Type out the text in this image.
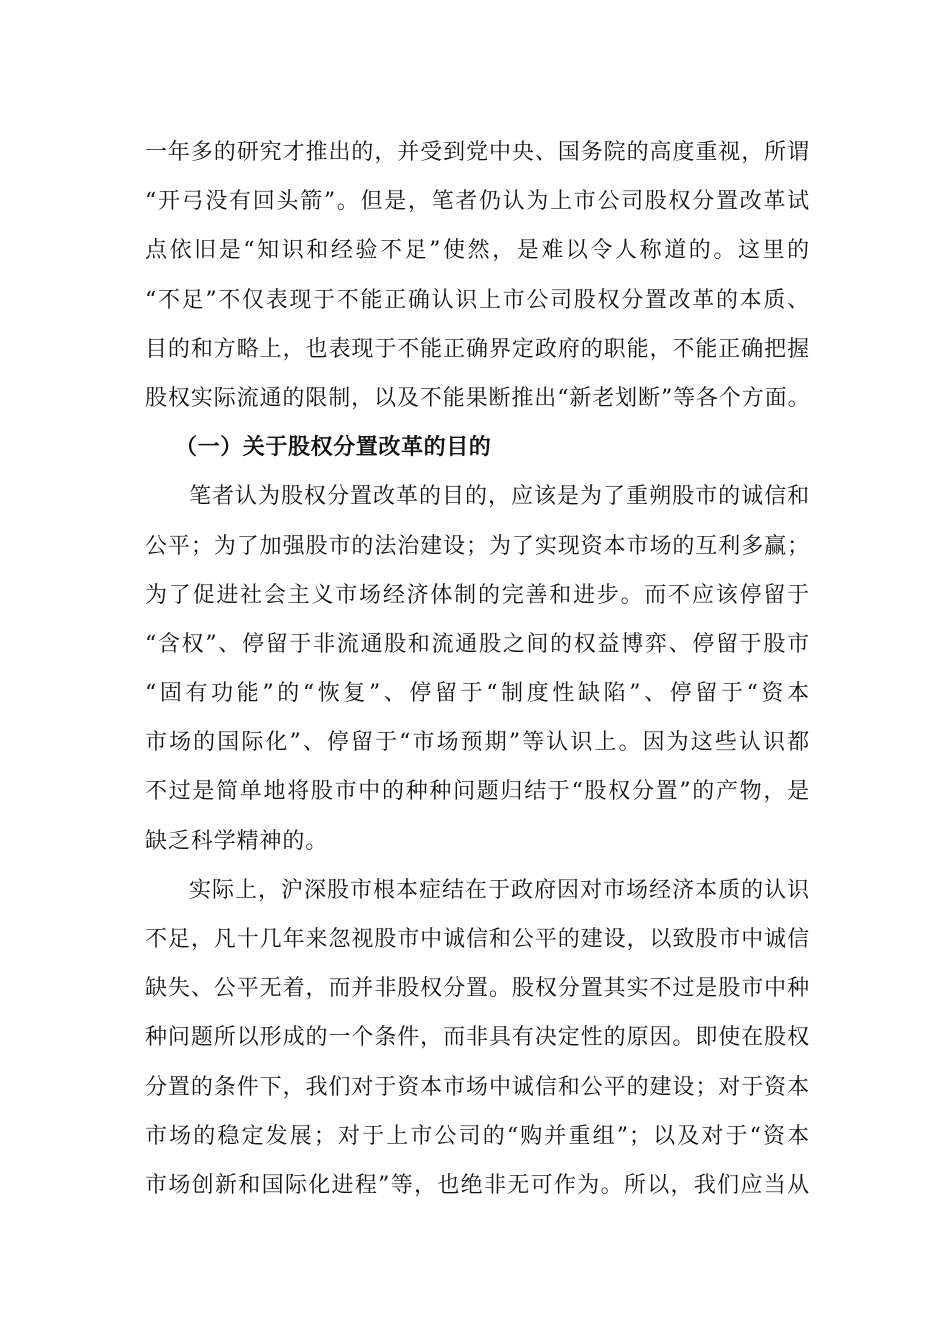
一年多的研究才推出的，并受到党中央、国务院的高度重视，所谓
“开弓没有回头箭”。但是，笔者仍认为上市公司股权分置改革试
点依旧是“知识和经验不足”使然，是难以令人称道的。这里的
“不足”不仅表现于不能正确认识上市公司股权分置改革的本质、
目的和方略上，也表现于不能正确界定政府的职能，不能正确把握
股权实际流通的限制，以及不能果断推出“新老划断”等各个方面。
（一）关于股权分置改革的目的
笔者认为股权分置改革的目的，应该是为了重朔股市的诚信和
公平；为了加强股市的法治建设；为了实现资本市场的互利多赢；
为了促进社会主义市场经济体制的完善和进步。而不应该停留于
“含权”、停留于非流通股和流通股之间的权益博弈、停留于股市
“固有功能”的“恢复”、停留于“制度性缺陷”、停留于“资本
市场的国际化”、停留于“市场预期”等认识上。因为这些认识都
不过是简单地将股市中的种种问题归结于“股权分置”的产物，是
缺乏科学精神的。
实际上，沪深股市根本症结在于政府因对市场经济本质的认识
不足，凡十几年来忽视股市中诚信和公平的建设，以致股市中诚信
缺失、公平无着，而并非股权分置。股权分置其实不过是股市中种
种问题所以形成的一个条件，而非具有决定性的原因。即使在股权
分置的条件下，我们对于资本市场中诚信和公平的建设；对于资本
市场的稳定发展；对于上市公司的“购并重组”；以及对于“资本
市场创新和国际化进程”等，也绝非无可作为。所以，我们应当从
